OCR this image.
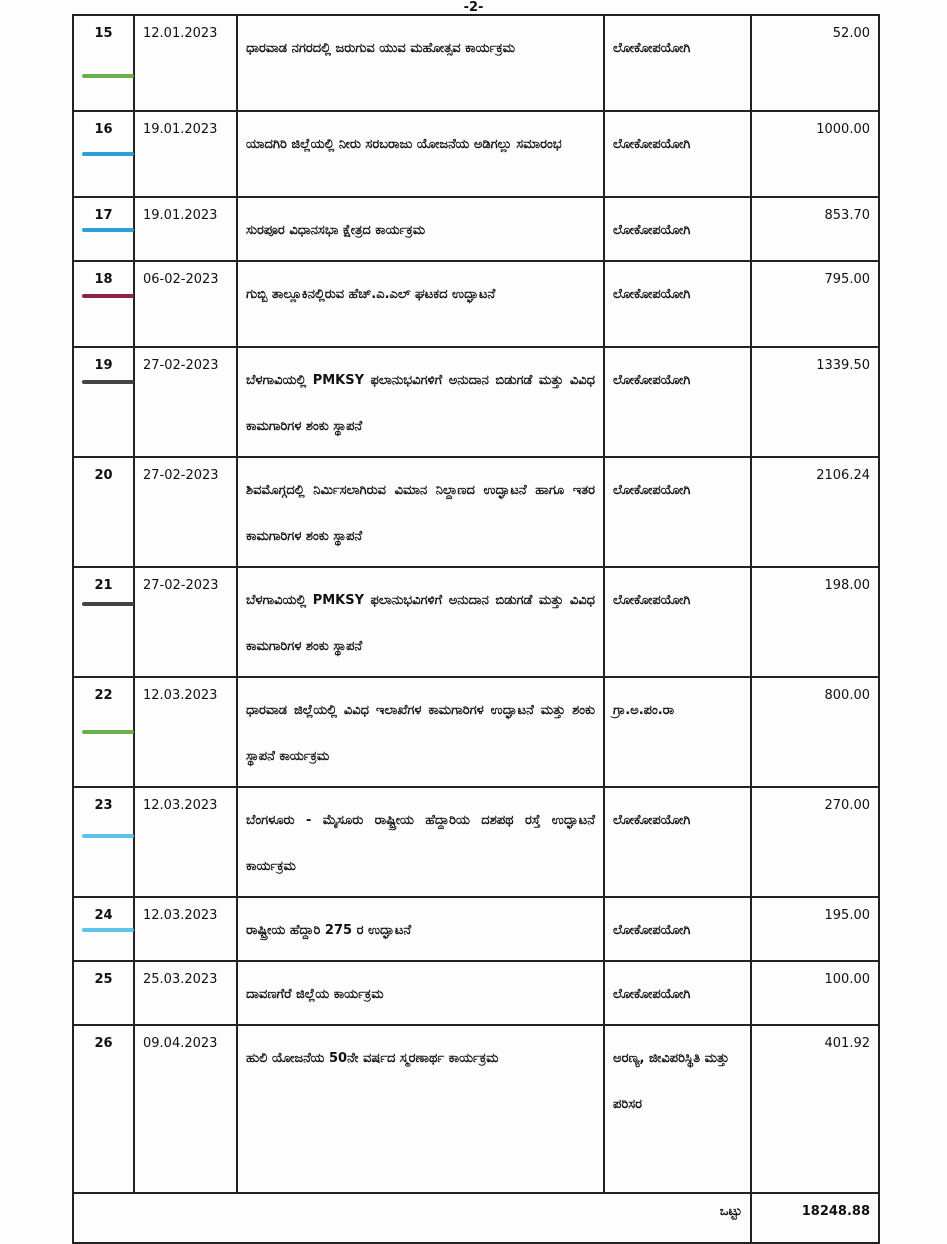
-2-
15	12.01.2023	ಧಾರವಾಡ ನಗರದಲ್ಲಿ ಜರುಗುವ ಯುವ ಮಹೋತ್ಸವ ಕಾರ್ಯಕ್ರಮ	ಲೋಕೋಪಯೋಗಿ	52.00
16	19.01.2023	ಯಾದಗಿರಿ ಜಿಲ್ಲೆಯಲ್ಲಿ ನೀರು ಸರಬರಾಜು ಯೋಜನೆಯ ಅಡಿಗಲ್ಲು ಸಮಾರಂಭ	ಲೋಕೋಪಯೋಗಿ	1000.00
17	19.01.2023	ಸುರಪೂರ ವಿಧಾನಸಭಾ ಕ್ಷೇತ್ರದ ಕಾರ್ಯಕ್ರಮ	ಲೋಕೋಪಯೋಗಿ	853.70
18	06-02-2023	ಗುಬ್ಬಿ ತಾಲ್ಲೂಕಿನಲ್ಲಿರುವ ಹೆಚ್.ಎ.ಎಲ್ ಘಟಕದ ಉದ್ಘಾಟನೆ	ಲೋಕೋಪಯೋಗಿ	795.00
19	27-02-2023	ಬೆಳಗಾವಿಯಲ್ಲಿ PMKSY ಫಲಾನುಭವಿಗಳಿಗೆ ಅನುದಾನ ಬಿಡುಗಡೆ ಮತ್ತು ವಿವಿಧ ಕಾಮಗಾರಿಗಳ ಶಂಕು ಸ್ಥಾಪನೆ	ಲೋಕೋಪಯೋಗಿ	1339.50
20	27-02-2023	ಶಿವಮೊಗ್ಗದಲ್ಲಿ ನಿರ್ಮಿಸಲಾಗಿರುವ ವಿಮಾನ ನಿಲ್ದಾಣದ ಉದ್ಘಾಟನೆ ಹಾಗೂ ಇತರ ಕಾಮಗಾರಿಗಳ ಶಂಕು ಸ್ಥಾಪನೆ	ಲೋಕೋಪಯೋಗಿ	2106.24
21	27-02-2023	ಬೆಳಗಾವಿಯಲ್ಲಿ PMKSY ಫಲಾನುಭವಿಗಳಿಗೆ ಅನುದಾನ ಬಿಡುಗಡೆ ಮತ್ತು ವಿವಿಧ ಕಾಮಗಾರಿಗಳ ಶಂಕು ಸ್ಥಾಪನೆ	ಲೋಕೋಪಯೋಗಿ	198.00
22	12.03.2023	ಧಾರವಾಡ ಜಿಲ್ಲೆಯಲ್ಲಿ ವಿವಿಧ ಇಲಾಖೆಗಳ ಕಾಮಗಾರಿಗಳ ಉದ್ಘಾಟನೆ ಮತ್ತು ಶಂಕು ಸ್ಥಾಪನೆ ಕಾರ್ಯಕ್ರಮ	ಗ್ರಾ.ಅ.ಪಂ.ರಾ	800.00
23	12.03.2023	ಬೆಂಗಳೂರು - ಮೈಸೂರು ರಾಷ್ಟ್ರೀಯ ಹೆದ್ದಾರಿಯ ದಶಪಥ ರಸ್ತೆ ಉದ್ಘಾಟನೆ ಕಾರ್ಯಕ್ರಮ	ಲೋಕೋಪಯೋಗಿ	270.00
24	12.03.2023	ರಾಷ್ಟ್ರೀಯ ಹೆದ್ದಾರಿ 275 ರ ಉದ್ಘಾಟನೆ	ಲೋಕೋಪಯೋಗಿ	195.00
25	25.03.2023	ದಾವಣಗೆರೆ ಜಿಲ್ಲೆಯ ಕಾರ್ಯಕ್ರಮ	ಲೋಕೋಪಯೋಗಿ	100.00
26	09.04.2023	ಹುಲಿ ಯೋಜನೆಯ 50ನೇ ವರ್ಷದ ಸ್ಮರಣಾರ್ಥ ಕಾರ್ಯಕ್ರಮ	ಅರಣ್ಯ, ಜೀವಿಪರಿಸ್ಥಿತಿ ಮತ್ತು ಪರಿಸರ	401.92
ಒಟ್ಟು				18248.88
